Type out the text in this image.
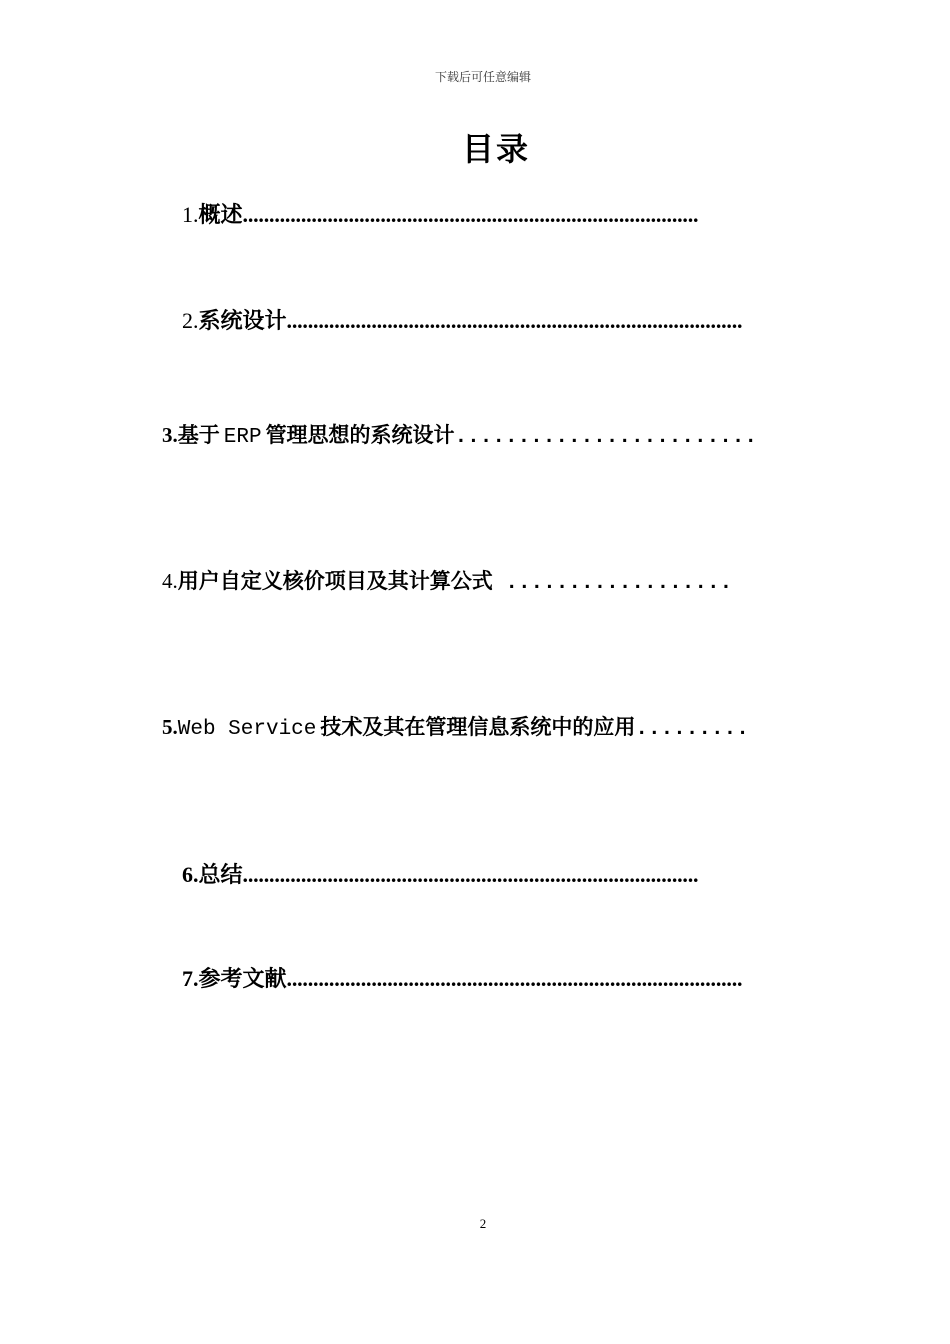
下载后可任意编辑
目录
1. 概述 ......................................................................................
2. 系统设计 ......................................................................................
3. 基于 ERP 管理思想的系统设计 ........................
4. 用户自定义核价项目及其计算公式 ..................
5. Web Service 技术及其在管理信息系统中的应用 .........
6. 总结 ......................................................................................
7. 参考文献 ......................................................................................
2
